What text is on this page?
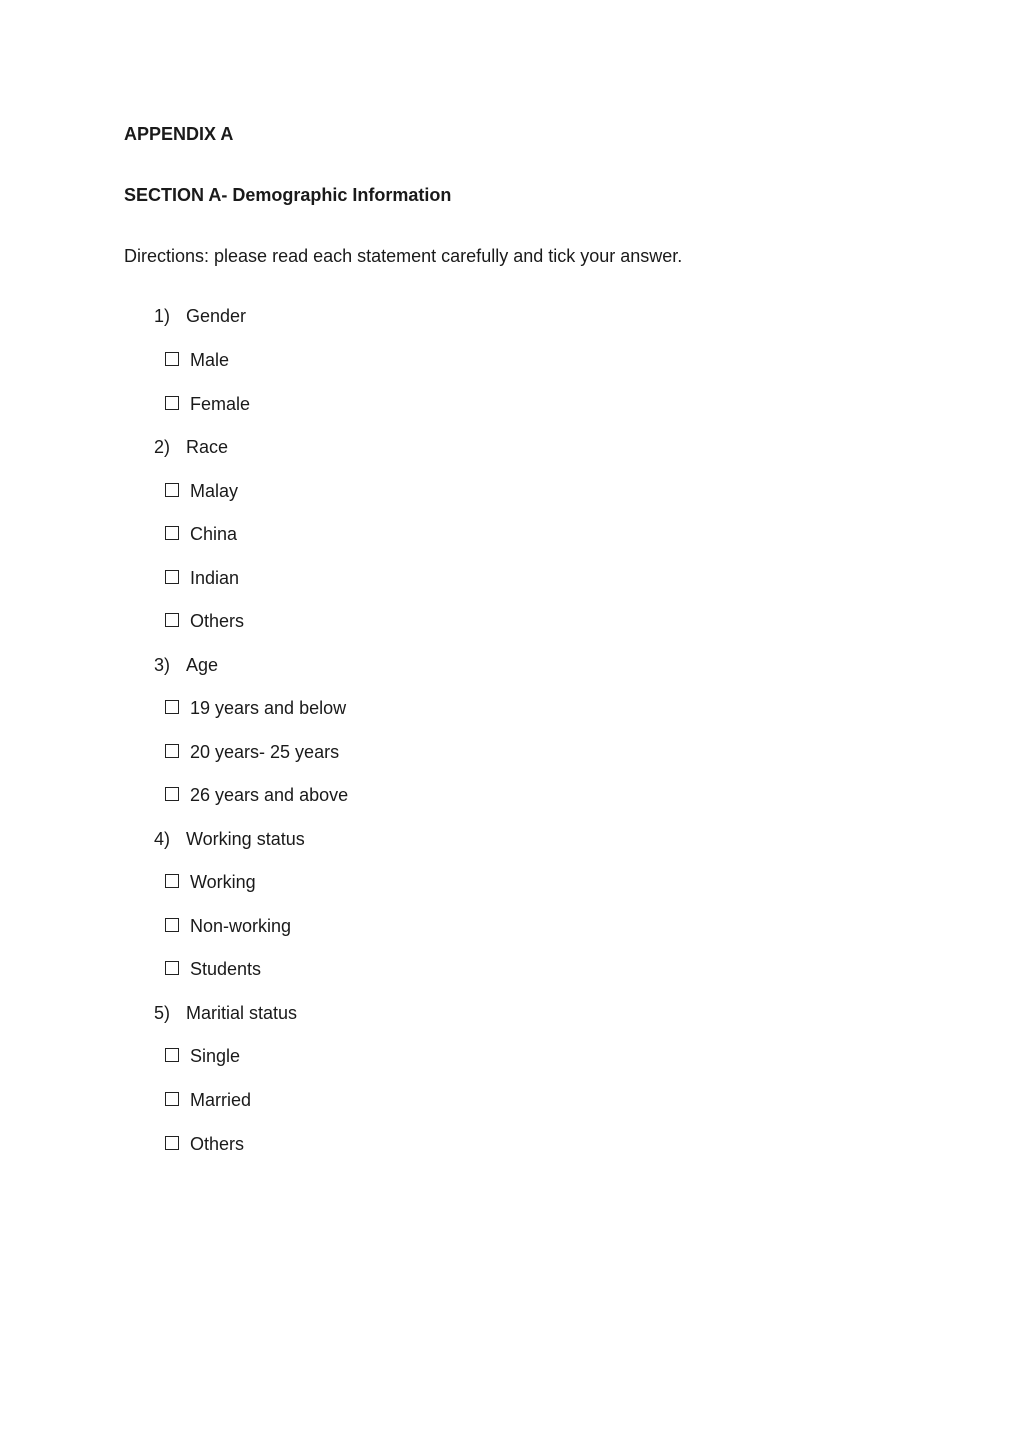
APPENDIX A
SECTION A- Demographic Information
Directions: please read each statement carefully and tick your answer.
1) Gender
Male
Female
2) Race
Malay
China
Indian
Others
3) Age
19 years and below
20 years- 25 years
26 years and above
4) Working status
Working
Non-working
Students
5) Maritial status
Single
Married
Others
